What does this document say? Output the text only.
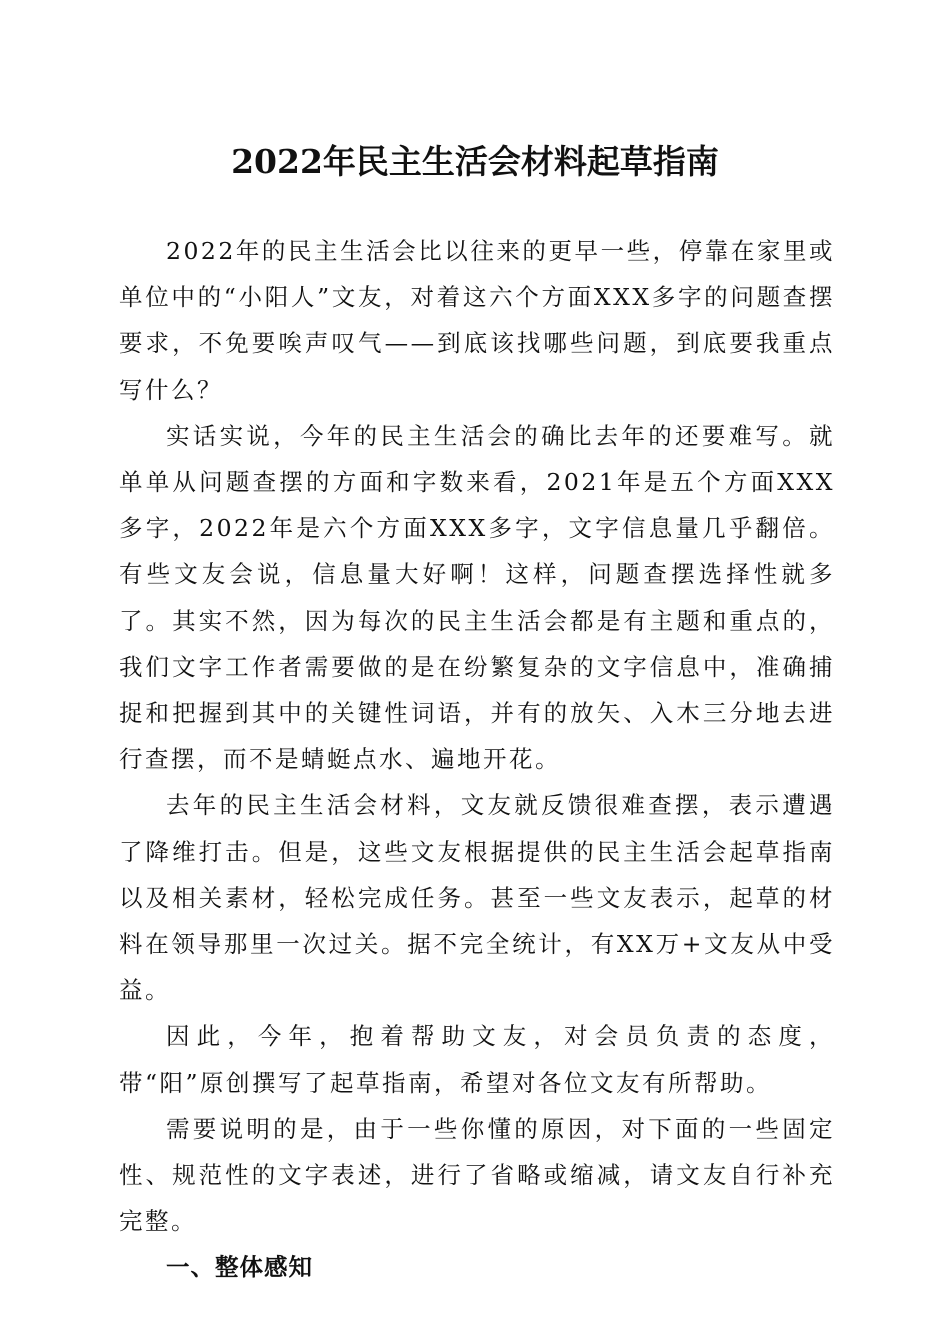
2022年民主生活会材料起草指南

2022年的民主生活会比以往来的更早一些，停靠在家里或单位中的“小阳人”文友，对着这六个方面XXX多字的问题查摆要求，不免要唉声叹气——到底该找哪些问题，到底要我重点写什么？

实话实说，今年的民主生活会的确比去年的还要难写。就单单从问题查摆的方面和字数来看，2021年是五个方面XXX多字，2022年是六个方面XXX多字，文字信息量几乎翻倍。有些文友会说，信息量大好啊！这样，问题查摆选择性就多了。其实不然，因为每次的民主生活会都是有主题和重点的，我们文字工作者需要做的是在纷繁复杂的文字信息中，准确捕捉和把握到其中的关键性词语，并有的放矢、入木三分地去进行查摆，而不是蜻蜓点水、遍地开花。

去年的民主生活会材料，文友就反馈很难查摆，表示遭遇了降维打击。但是，这些文友根据提供的民主生活会起草指南以及相关素材，轻松完成任务。甚至一些文友表示，起草的材料在领导那里一次过关。据不完全统计，有XX万+文友从中受益。

因此，今年，抱着帮助文友，对会员负责的态度，带“阳”原创撰写了起草指南，希望对各位文友有所帮助。

需要说明的是，由于一些你懂的原因，对下面的一些固定性、规范性的文字表述，进行了省略或缩减，请文友自行补充完整。

一、整体感知
